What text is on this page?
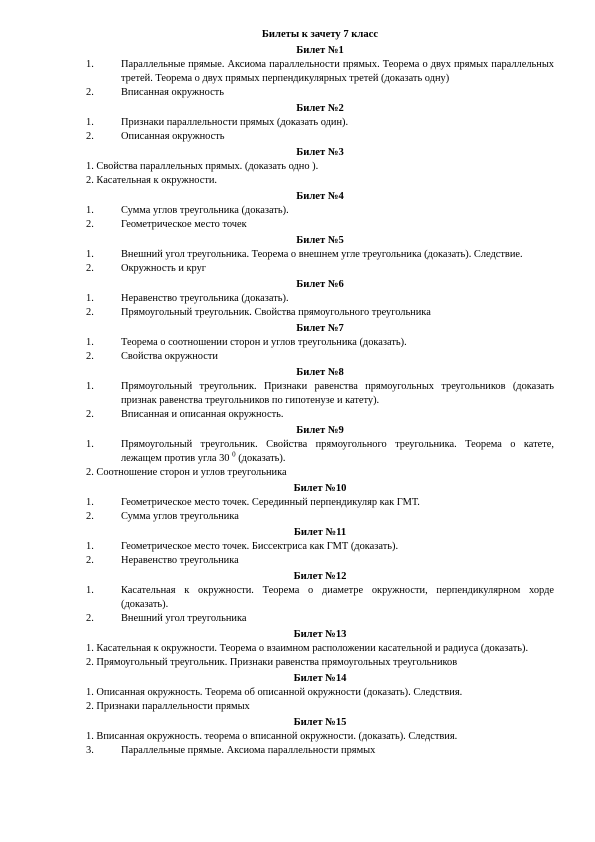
Билеты к зачету 7 класс
Билет №1
1.	Параллельные прямые. Аксиома параллельности прямых. Теорема о двух прямых параллельных третей. Теорема о двух прямых перпендикулярных третей (доказать одну)
2.	Вписанная окружность
Билет №2
1.	Признаки параллельности прямых (доказать один).
2.	Описанная окружность
Билет №3
1. Свойства параллельных прямых. (доказать одно ).
2. Касательная к окружности.
Билет №4
1.	Сумма углов треугольника (доказать).
2.	Геометрическое место точек
Билет №5
1.	Внешний угол треугольника. Теорема о внешнем угле треугольника (доказать). Следствие.
2.	Окружность и круг
Билет №6
1.	Неравенство треугольника (доказать).
2.	Прямоугольный треугольник. Свойства прямоугольного треугольника
Билет №7
1.	Теорема о соотношении сторон и углов треугольника (доказать).
2.	Свойства окружности
Билет №8
1.	Прямоугольный треугольник. Признаки равенства прямоугольных треугольников (доказать признак равенства треугольников по гипотенузе и катету).
2.	Вписанная и описанная окружность.
Билет №9
1.	Прямоугольный треугольник. Свойства прямоугольного треугольника. Теорема о катете, лежащем против угла 30 $^0$ (доказать).
2. Соотношение сторон и углов треугольника
Билет №10
1.	Геометрическое место точек. Серединный перпендикуляр как ГМТ.
2.	Сумма углов треугольника
Билет №11
1.	Геометрическое место точек. Биссектриса как ГМТ (доказать).
2.	Неравенство треугольника
Билет №12
1.	Касательная к окружности. Теорема о диаметре окружности, перпендикулярном хорде (доказать).
2.	Внешний угол треугольника
Билет №13
1. Касательная к окружности. Теорема о взаимном расположении касательной и радиуса (доказать).
2. Прямоугольный треугольник. Признаки равенства прямоугольных треугольников
Билет №14
1. Описанная окружность. Теорема об описанной окружности (доказать). Следствия.
2. Признаки параллельности прямых
Билет №15
1. Вписанная окружность. теорема о вписанной окружности. (доказать). Следствия.
3.	Параллельные прямые. Аксиома параллельности прямых
